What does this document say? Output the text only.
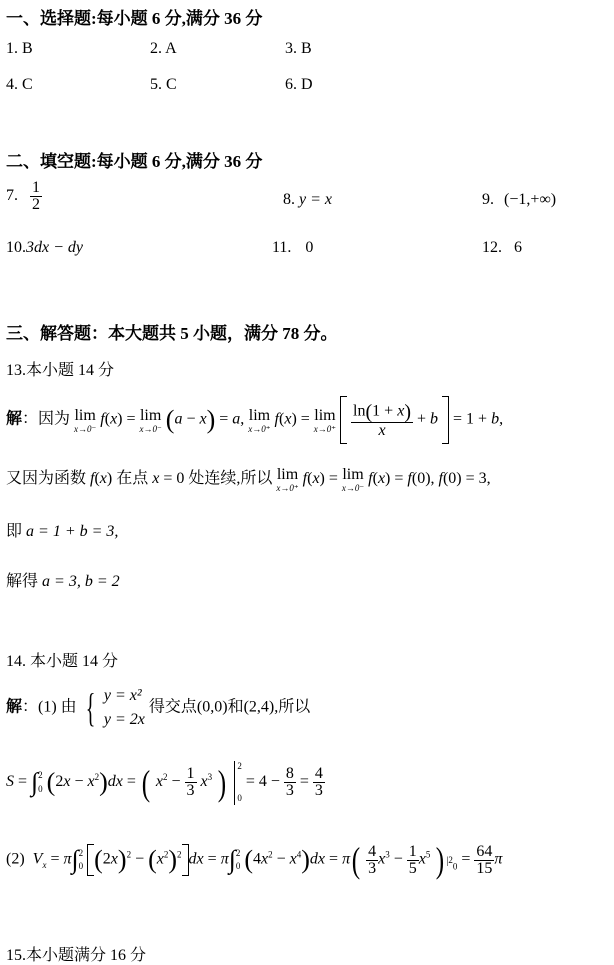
一、选择题:每小题 6 分,满分 36 分
1. B	2. A	3. B
4. C	5. C	6. D
二、填空题:每小题 6 分,满分 36 分
7. $\frac{1}{2}$	8. y = x	9. (−1,+∞)
10.3dx − dy	11. 0	12. 6
三、解答题：本大题共 5 小题，满分 78 分。
13.本小题 14 分
解：因为 lim
x→0⁻
f(x) = lim
x→0⁻ (a − x) = a, lim
x→0⁺
f(x) = lim
x→0⁺
$\frac{\ln(1 + x)}{x} + b = 1 + b$,
又因为函数 f(x) 在点 x = 0 处连续,所以 lim
x→0⁺
f(x) = lim
x→0⁻
f(x) = f(0), f(0) = 3,
即 a = 1 + b = 3,
解得 a = 3, b = 2
14. 本小题 14 分
解：(1) 由 { y = x²
y = 2x
得交点(0,0)和(2,4),所以
S = ∫ 2
0 $(2x - x^2)dx$ = ( $x^2 - \frac{1}{3} x^3$ ) 2
0
= $4 - \frac{8}{3} = \frac{4}{3}$
(2) $V_x = \pi\int$ 2
0 $(2x)^2 - (x^2)^2$ dx = π∫ 2
0 $(4x^2 - x^4)dx = \pi( \frac{4}{3} x^3 - \frac{1}{5} x^5$ ) $|2_0 = \frac{64}{15}$ π
15.本小题满分 16 分
